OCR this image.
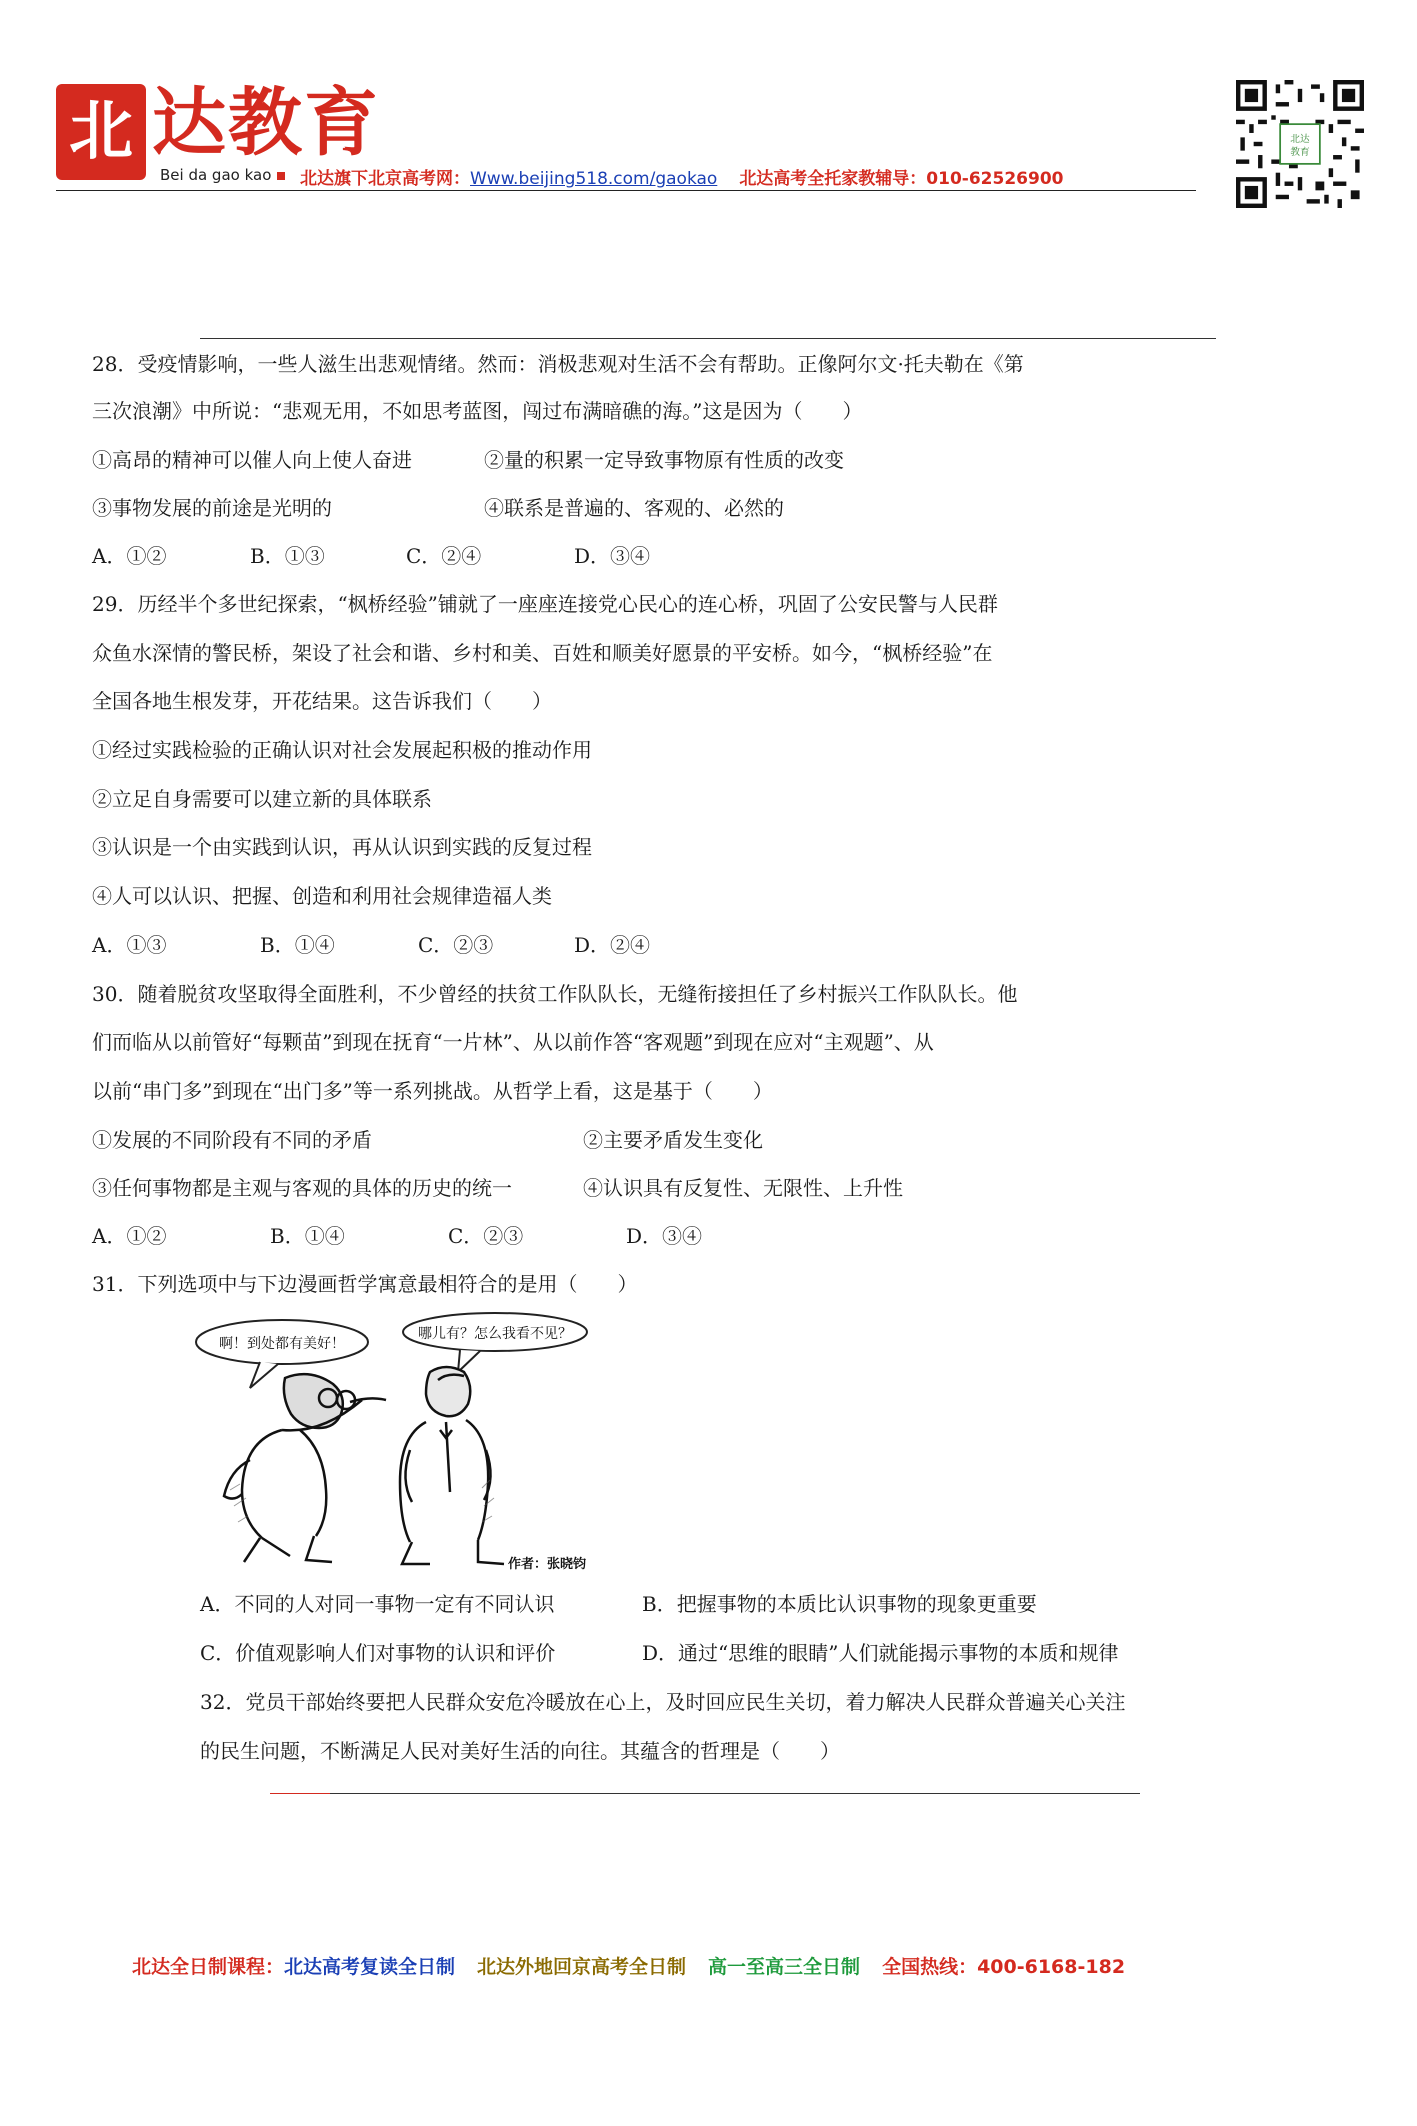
北 达教育
Bei da gao kao	北达旗下北京高考网：Www.beijing518.com/gaokao 北达高考全托家教辅导：010-62526900
北达
教育
28．受疫情影响，一些人滋生出悲观情绪。然而：消极悲观对生活不会有帮助。正像阿尔文·托夫勒在《第
三次浪潮》中所说：“悲观无用，不如思考蓝图，闯过布满暗礁的海。”这是因为（　　）
①高昂的精神可以催人向上使人奋进	②量的积累一定导致事物原有性质的改变
③事物发展的前途是光明的	④联系是普遍的、客观的、必然的
A．①②	B．①③	C．②④	D．③④
29．历经半个多世纪探索，“枫桥经验”铺就了一座座连接党心民心的连心桥，巩固了公安民警与人民群
众鱼水深情的警民桥，架设了社会和谐、乡村和美、百姓和顺美好愿景的平安桥。如今，“枫桥经验”在
全国各地生根发芽，开花结果。这告诉我们（　　）
①经过实践检验的正确认识对社会发展起积极的推动作用
②立足自身需要可以建立新的具体联系
③认识是一个由实践到认识，再从认识到实践的反复过程
④人可以认识、把握、创造和利用社会规律造福人类
A．①③	B．①④	C．②③	D．②④
30．随着脱贫攻坚取得全面胜利，不少曾经的扶贫工作队队长，无缝衔接担任了乡村振兴工作队队长。他
们而临从以前管好“每颗苗”到现在抚育“一片林”、从以前作答“客观题”到现在应对“主观题”、从
以前“串门多”到现在“出门多”等一系列挑战。从哲学上看，这是基于（　　）
①发展的不同阶段有不同的矛盾	②主要矛盾发生变化
③任何事物都是主观与客观的具体的历史的统一	④认识具有反复性、无限性、上升性
A．①②	B．①④	C．②③	D．③④
31．下列选项中与下边漫画哲学寓意最相符合的是用（　　）
啊！到处都有美好！
哪儿有？怎么我看不见？
作者：张晓钧
A．不同的人对同一事物一定有不同认识	B．把握事物的本质比认识事物的现象更重要
C．价值观影响人们对事物的认识和评价	D．通过“思维的眼睛”人们就能揭示事物的本质和规律
32．党员干部始终要把人民群众安危冷暖放在心上，及时回应民生关切，着力解决人民群众普遍关心关注
的民生问题，不断满足人民对美好生活的向往。其蕴含的哲理是（　　）
北达全日制课程：北达高考复读全日制 北达外地回京高考全日制 高一至高三全日制 全国热线：400-6168-182
